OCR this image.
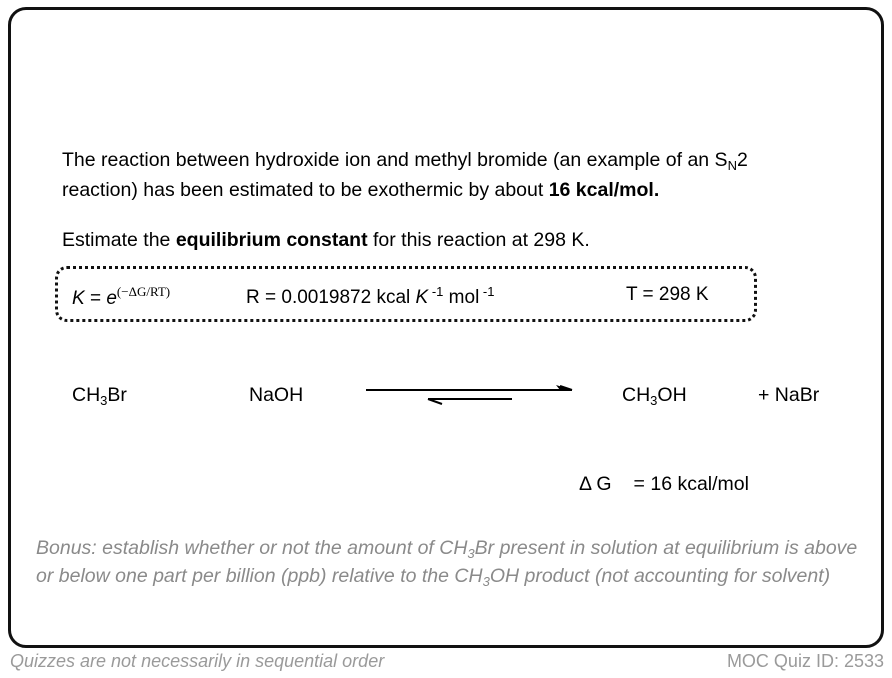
The reaction between hydroxide ion and methyl bromide (an example of an $S_N2$
reaction) has been estimated to be exothermic by about 16 kcal/mol.
Estimate the equilibrium constant for this reaction at 298 K.
$K = e^{(-\Delta G/RT)}$	R = 0.0019872 kcal K $^{-1}$ mol $^{-1}$	T = 298 K
$CH_3Br$	NaOH	$CH_3OH$	+ NaBr
Δ G = 16 kcal/mol
Bonus: establish whether or not the amount of $CH_3Br$ present in solution at equilibrium is above or below one part per billion (ppb) relative to the $CH_3OH$ product (not accounting for solvent)
Quizzes are not necessarily in sequential order	MOC Quiz ID: 2533
